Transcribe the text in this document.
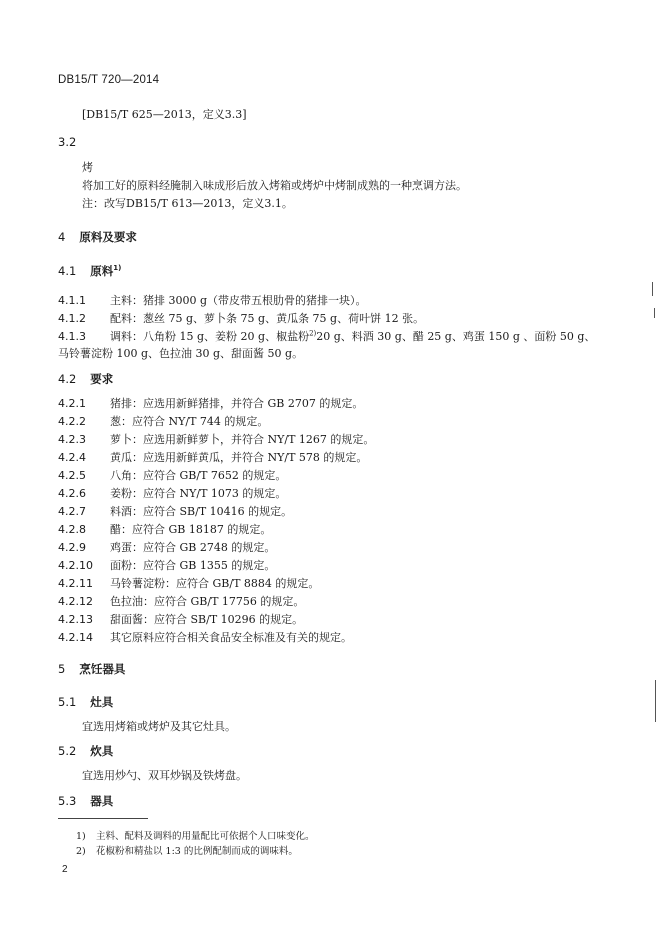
DB15/T 720—2014
[DB15/T 625—2013，定义3.3]
3.2
烤
将加工好的原料经腌制入味成形后放入烤箱或烤炉中烤制成熟的一种烹调方法。
注：改写DB15/T 613—2013，定义3.1。
4 原料及要求
4.1 原料$^{1)}$
4.1.1 主料：猪排 3000 g（带皮带五根肋骨的猪排一块）。
4.1.2 配料：葱丝 75 g、萝卜条 75 g、黄瓜条 75 g、荷叶饼 12 张。
4.1.3 调料：八角粉 15 g、姜粉 20 g、椒盐粉$^{2)}$20 g、料酒 30 g、醋 25 g、鸡蛋 150 g 、面粉 50 g、
马铃薯淀粉 100 g、色拉油 30 g、甜面酱 50 g。
4.2 要求
4.2.1 猪排：应选用新鲜猪排，并符合 GB 2707 的规定。
4.2.2 葱：应符合 NY/T 744 的规定。
4.2.3 萝卜：应选用新鲜萝卜，并符合 NY/T 1267 的规定。
4.2.4 黄瓜：应选用新鲜黄瓜，并符合 NY/T 578 的规定。
4.2.5 八角：应符合 GB/T 7652 的规定。
4.2.6 姜粉：应符合 NY/T 1073 的规定。
4.2.7 料酒：应符合 SB/T 10416 的规定。
4.2.8 醋：应符合 GB 18187 的规定。
4.2.9 鸡蛋：应符合 GB 2748 的规定。
4.2.10 面粉：应符合 GB 1355 的规定。
4.2.11 马铃薯淀粉：应符合 GB/T 8884 的规定。
4.2.12 色拉油：应符合 GB/T 17756 的规定。
4.2.13 甜面酱：应符合 SB/T 10296 的规定。
4.2.14 其它原料应符合相关食品安全标准及有关的规定。
5 烹饪器具
5.1 灶具
宜选用烤箱或烤炉及其它灶具。
5.2 炊具
宜选用炒勺、双耳炒锅及铁烤盘。
5.3 器具
1) 主料、配料及调料的用量配比可依据个人口味变化。
2) 花椒粉和精盐以 1:3 的比例配制而成的调味料。
2
